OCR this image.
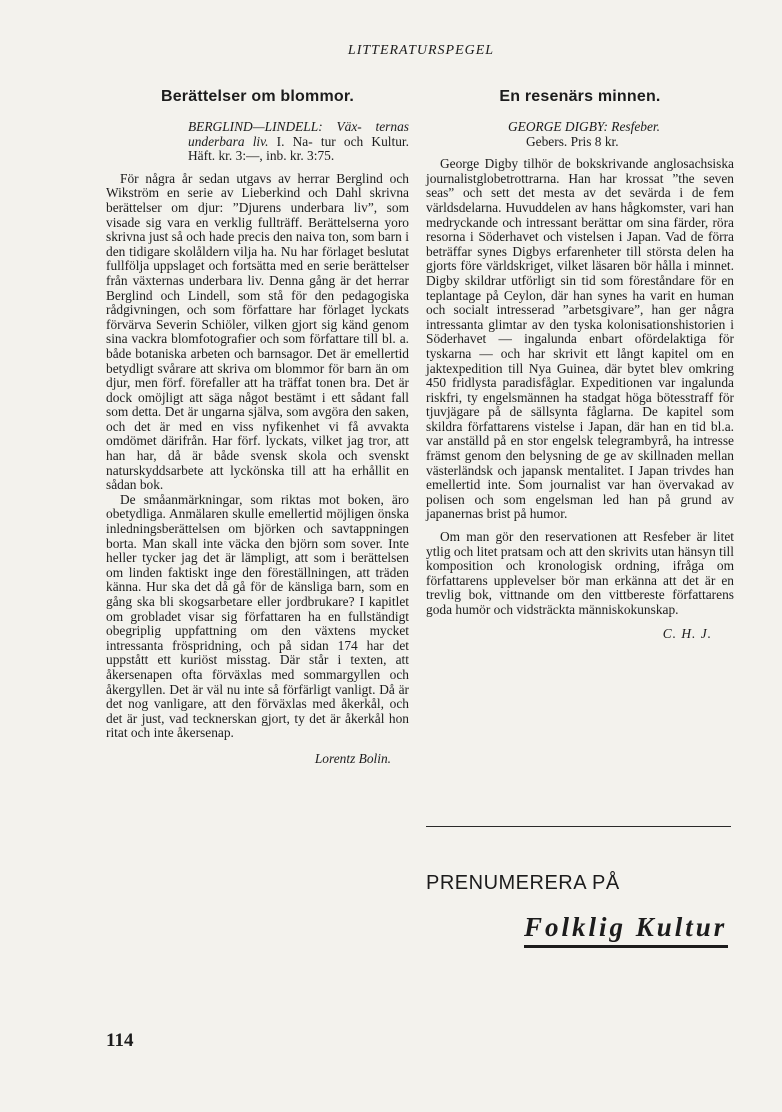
LITTERATURSPEGEL
Berättelser om blommor.
BERGLIND—LINDELL: Väx- ternas underbara liv. I. Na- tur och Kultur. Häft. kr. 3:—, inb. kr. 3:75.

För några år sedan utgavs av herrar Berglind och Wikström en serie av Lieberkind och Dahl skrivna berättelser om djur: ”Djurens underbara liv”, som visade sig vara en verklig fullträff. Berättelserna yoro skrivna just så och hade precis den naiva ton, som barn i den tidigare skolåldern vilja ha. Nu har förlaget beslutat fullfölja uppslaget och fortsätta med en serie berättelser från växternas underbara liv. Denna gång är det herrar Berglind och Lindell, som stå för den pedagogiska rådgivningen, och som författare har förlaget lyckats förvärva Severin Schiöler, vilken gjort sig känd genom sina vackra blomfotografier och som författare till bl. a. både botaniska arbeten och barnsagor. Det är emellertid betydligt svårare att skriva om blommor för barn än om djur, men förf. förefaller att ha träffat tonen bra. Det är dock omöjligt att säga något bestämt i ett sådant fall som detta. Det är ungarna själva, som avgöra den saken, och det är med en viss nyfikenhet vi få avvakta omdömet därifrån. Har förf. lyckats, vilket jag tror, att han har, då är både svensk skola och svenskt naturskyddsarbete att lyckönska till att ha erhållit en sådan bok.

De småanmärkningar, som riktas mot boken, äro obetydliga. Anmälaren skulle emellertid möjligen önska inledningsberättelsen om björken och savtappningen borta. Man skall inte väcka den björn som sover. Inte heller tycker jag det är lämpligt, att som i berättelsen om linden faktiskt inge den föreställningen, att träden känna. Hur ska det då gå för de känsliga barn, som en gång ska bli skogsarbetare eller jordbrukare? I kapitlet om grobladet visar sig författaren ha en fullständigt obegriplig uppfattning om den växtens mycket intressanta fröspridning, och på sidan 174 har det uppstått ett kuriöst misstag. Där står i texten, att åkersenapen ofta förväxlas med sommargyllen och åkergyllen. Det är väl nu inte så förfärligt vanligt. Då är det nog vanligare, att den förväxlas med åkerkål, och det är just, vad tecknerskan gjort, ty det är åkerkål hon ritat och inte åkersenap.

Lorentz Bolin.
En resenärs minnen.
GEORGE DIGBY: Resfeber.
Gebers. Pris 8 kr.

George Digby tilhör de bokskrivande anglosachsiska journalistglobetrottrarna. Han har krossat ”the seven seas” och sett det mesta av det sevärda i de fem världsdelarna. Huvuddelen av hans hågkomster, vari han medryckande och intressant berättar om sina färder, röra resorna i Söderhavet och vistelsen i Japan. Vad de förra beträffar synes Digbys erfarenheter till största delen ha gjorts före världskriget, vilket läsaren bör hålla i minnet. Digby skildrar utförligt sin tid som föreståndare för en teplantage på Ceylon, där han synes ha varit en human och socialt intresserad ”arbetsgivare”, han ger några intressanta glimtar av den tyska kolonisationshistorien i Söderhavet — ingalunda enbart ofördelaktiga för tyskarna — och har skrivit ett långt kapitel om en jaktexpedition till Nya Guinea, där bytet blev omkring 450 fridlysta paradisfåglar. Expeditionen var ingalunda riskfri, ty engelsmännen ha stadgat höga bötesstraff för tjuvjägare på de sällsynta fåglarna. De kapitel som skildra författarens vistelse i Japan, där han en tid bl.a. var anställd på en stor engelsk telegrambyrå, ha intresse främst genom den belysning de ge av skillnaden mellan västerländsk och japansk mentalitet. I Japan trivdes han emellertid inte. Som journalist var han övervakad av polisen och som engelsman led han på grund av japanernas brist på humor.

Om man gör den reservationen att Resfeber är litet ytlig och litet pratsam och att den skrivits utan hänsyn till komposition och kronologisk ordning, ifråga om författarens upplevelser bör man erkänna att det är en trevlig bok, vittnande om den vittbereste författarens goda humör och vidsträckta människokunskap.

C. H. J.
PRENUMERERA PÅ
Folklig Kultur
114
